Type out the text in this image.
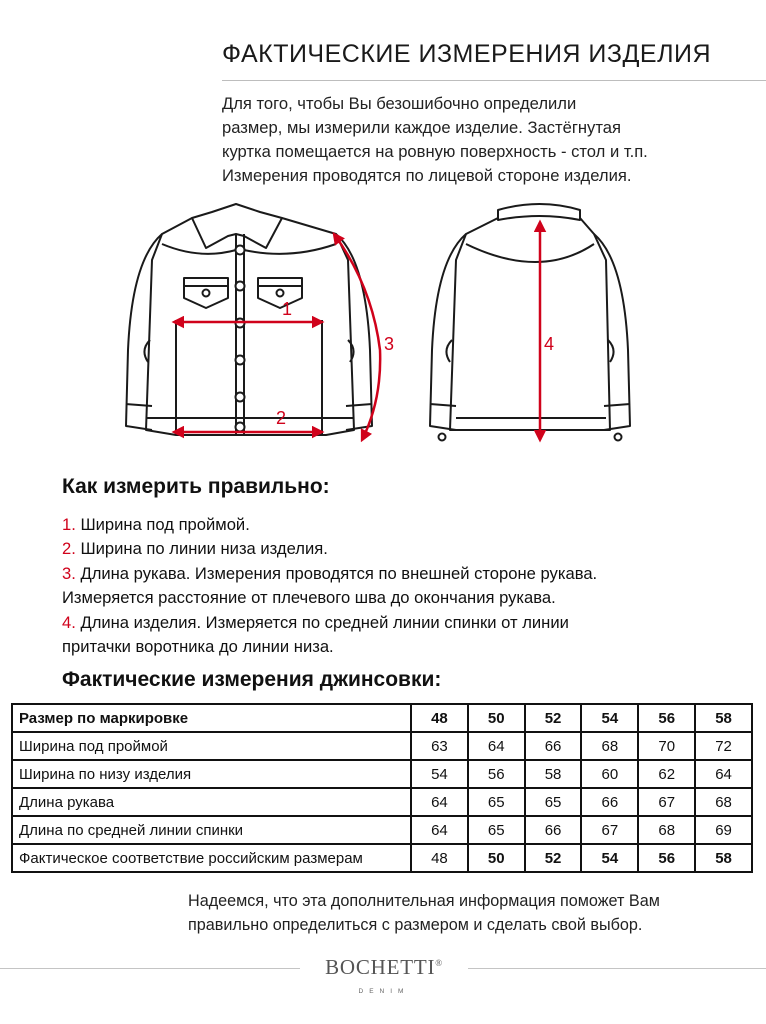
ФАКТИЧЕСКИЕ ИЗМЕРЕНИЯ ИЗДЕЛИЯ
Для того, чтобы Вы безошибочно определили
размер, мы измерили каждое изделие. Застёгнутая
куртка помещается на ровную поверхность - стол и т.п.
Измерения проводятся по лицевой стороне изделия.
1
2
3	4
Как измерить правильно:
1. Ширина под проймой.
2. Ширина по линии низа изделия.
3. Длина рукава. Измерения проводятся по внешней стороне рукава.
Измеряется расстояние от плечевого шва до окончания рукава.
4. Длина изделия. Измеряется по средней линии спинки от линии
притачки воротника до линии низа.
Фактические измерения джинсовки:
Размер по маркировке	48	50	52	54	56	58
Ширина под проймой	63	64	66	68	70	72
Ширина по низу изделия	54	56	58	60	62	64
Длина рукава	64	65	65	66	67	68
Длина по средней линии спинки	64	65	66	67	68	69
Фактическое соответствие российским размерам	48	50	52	54	56	58
Надеемся, что эта дополнительная информация поможет Вам
правильно определиться с размером и сделать свой выбор.
BOCHETTI®
DENIM
